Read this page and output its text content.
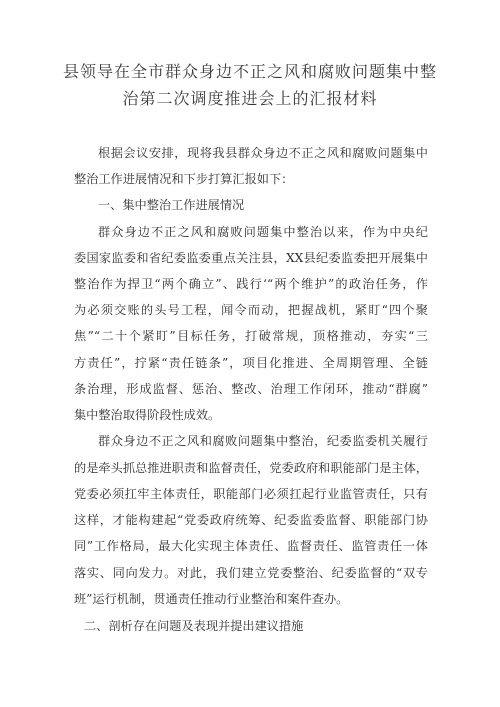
县领导在全市群众身边不正之风和腐败问题集中整
治第二次调度推进会上的汇报材料
根据会议安排，现将我县群众身边不正之风和腐败问题集中
整治工作进展情况和下步打算汇报如下：
一、集中整治工作进展情况
群众身边不正之风和腐败问题集中整治以来，作为中央纪
委国家监委和省纪委监委重点关注县，XX县纪委监委把开展集中
整治作为捍卫“两个确立”、践行‘“两个维护”的政治任务，作
为必须交账的头号工程，闻令而动，把握战机，紧盯“四个聚
焦”“二十个紧盯”目标任务，打破常规，顶格推动，夯实“三
方责任”，拧紧“责任链条”，项目化推进、全周期管理、全链
条治理，形成监督、惩治、整改、治理工作闭环，推动“群腐”
集中整治取得阶段性成效。
群众身边不正之风和腐败问题集中整治，纪委监委机关履行
的是牵头抓总推进职责和监督责任，党委政府和职能部门是主体，
党委必须扛牢主体责任，职能部门必须扛起行业监管责任，只有
这样，才能构建起“党委政府统筹、纪委监委监督、职能部门协
同”工作格局，最大化实现主体责任、监督责任、监管责任一体
落实、同向发力。对此，我们建立党委整治、纪委监督的“双专
班”运行机制，贯通责任推动行业整治和案件查办。
二、剖析存在问题及表现并提出建议措施
